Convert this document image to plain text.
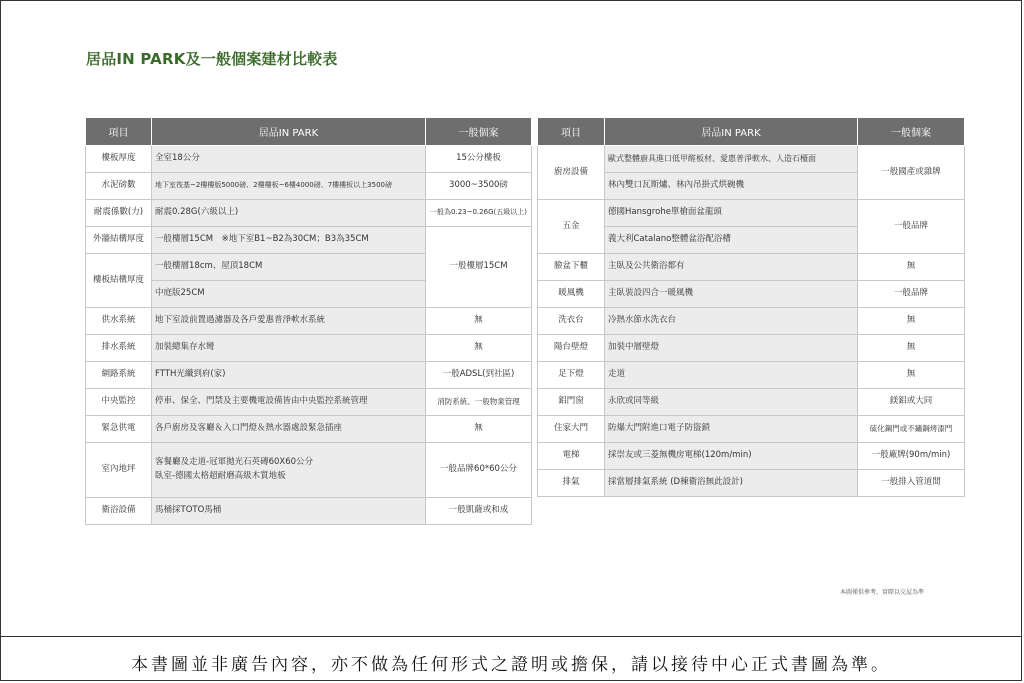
居品IN PARK及一般個案建材比較表
項目	居品IN PARK	一般個案
樓板厚度	全室18公分	15公分樓板
水泥磅數	地下室筏基~2樓樓版5000磅、2樓樓板~6樓4000磅、7樓樓板以上3500磅	3000~3500磅
耐震係數(力)	耐震0.28G(六級以上)	一般為0.23~0.26G(五級以上)
外牆結構厚度	一般樓層15CM　※地下室B1~B2為30CM；B3為35CM	一般樓層15CM
樓板結構厚度	一般樓層18cm、屋頂18CM	
	中庭版25CM	
供水系統	地下室設前置過濾器及各戶愛惠普淨軟水系統	無
排水系統	加裝總集存水彎	無
網路系統	FTTH光纖到府(家)	一般ADSL(到社區)
中央監控	停車、保全、門禁及主要機電設備皆由中央監控系統管理	消防系統、一般物業管理
緊急供電	各戶廚房及客廳＆入口門燈＆熱水器處設緊急插座	無
室內地坪	客餐廳及走道-冠軍拋光石英磚60X60公分
臥室-德國太格超耐磨高級木質地板	一般品牌60*60公分
衛浴設備	馬桶採TOTO馬桶	一般凱薩或和成
項目	居品IN PARK	一般個案
廚房設備	歐式整體廚具進口低甲醛板材、愛惠普淨軟水、人造石檯面	一般國產或雜牌
	林內雙口瓦斯爐、林內吊掛式烘碗機	
五金	德國Hansgrohe單槍面盆龍頭	一般品牌
	義大利Catalano整體盆浴配浴槽	
臉盆下櫃	主臥及公共衛浴都有	無
暖風機	主臥裝設四合一暖風機	一般品牌
洗衣台	冷熱水節水洗衣台	無
陽台壁燈	加裝中層壁燈	無
足下燈	走道	無
鋁門窗	永欣或同等級	鎂鋁或大同
住家大門	防爆大門附進口電子防盜鎖	硫化鋼門或不鏽鋼烤漆門
電梯	採崇友或三菱無機房電梯(120m/min)	一般廠牌(90m/min)
排氣	採當層排氣系統 (D棟衛浴無此設計)	一般排入管道間
本圖僅供參考，實際以交屋為準
本書圖並非廣告內容，亦不做為任何形式之證明或擔保，請以接待中心正式書圖為準。
